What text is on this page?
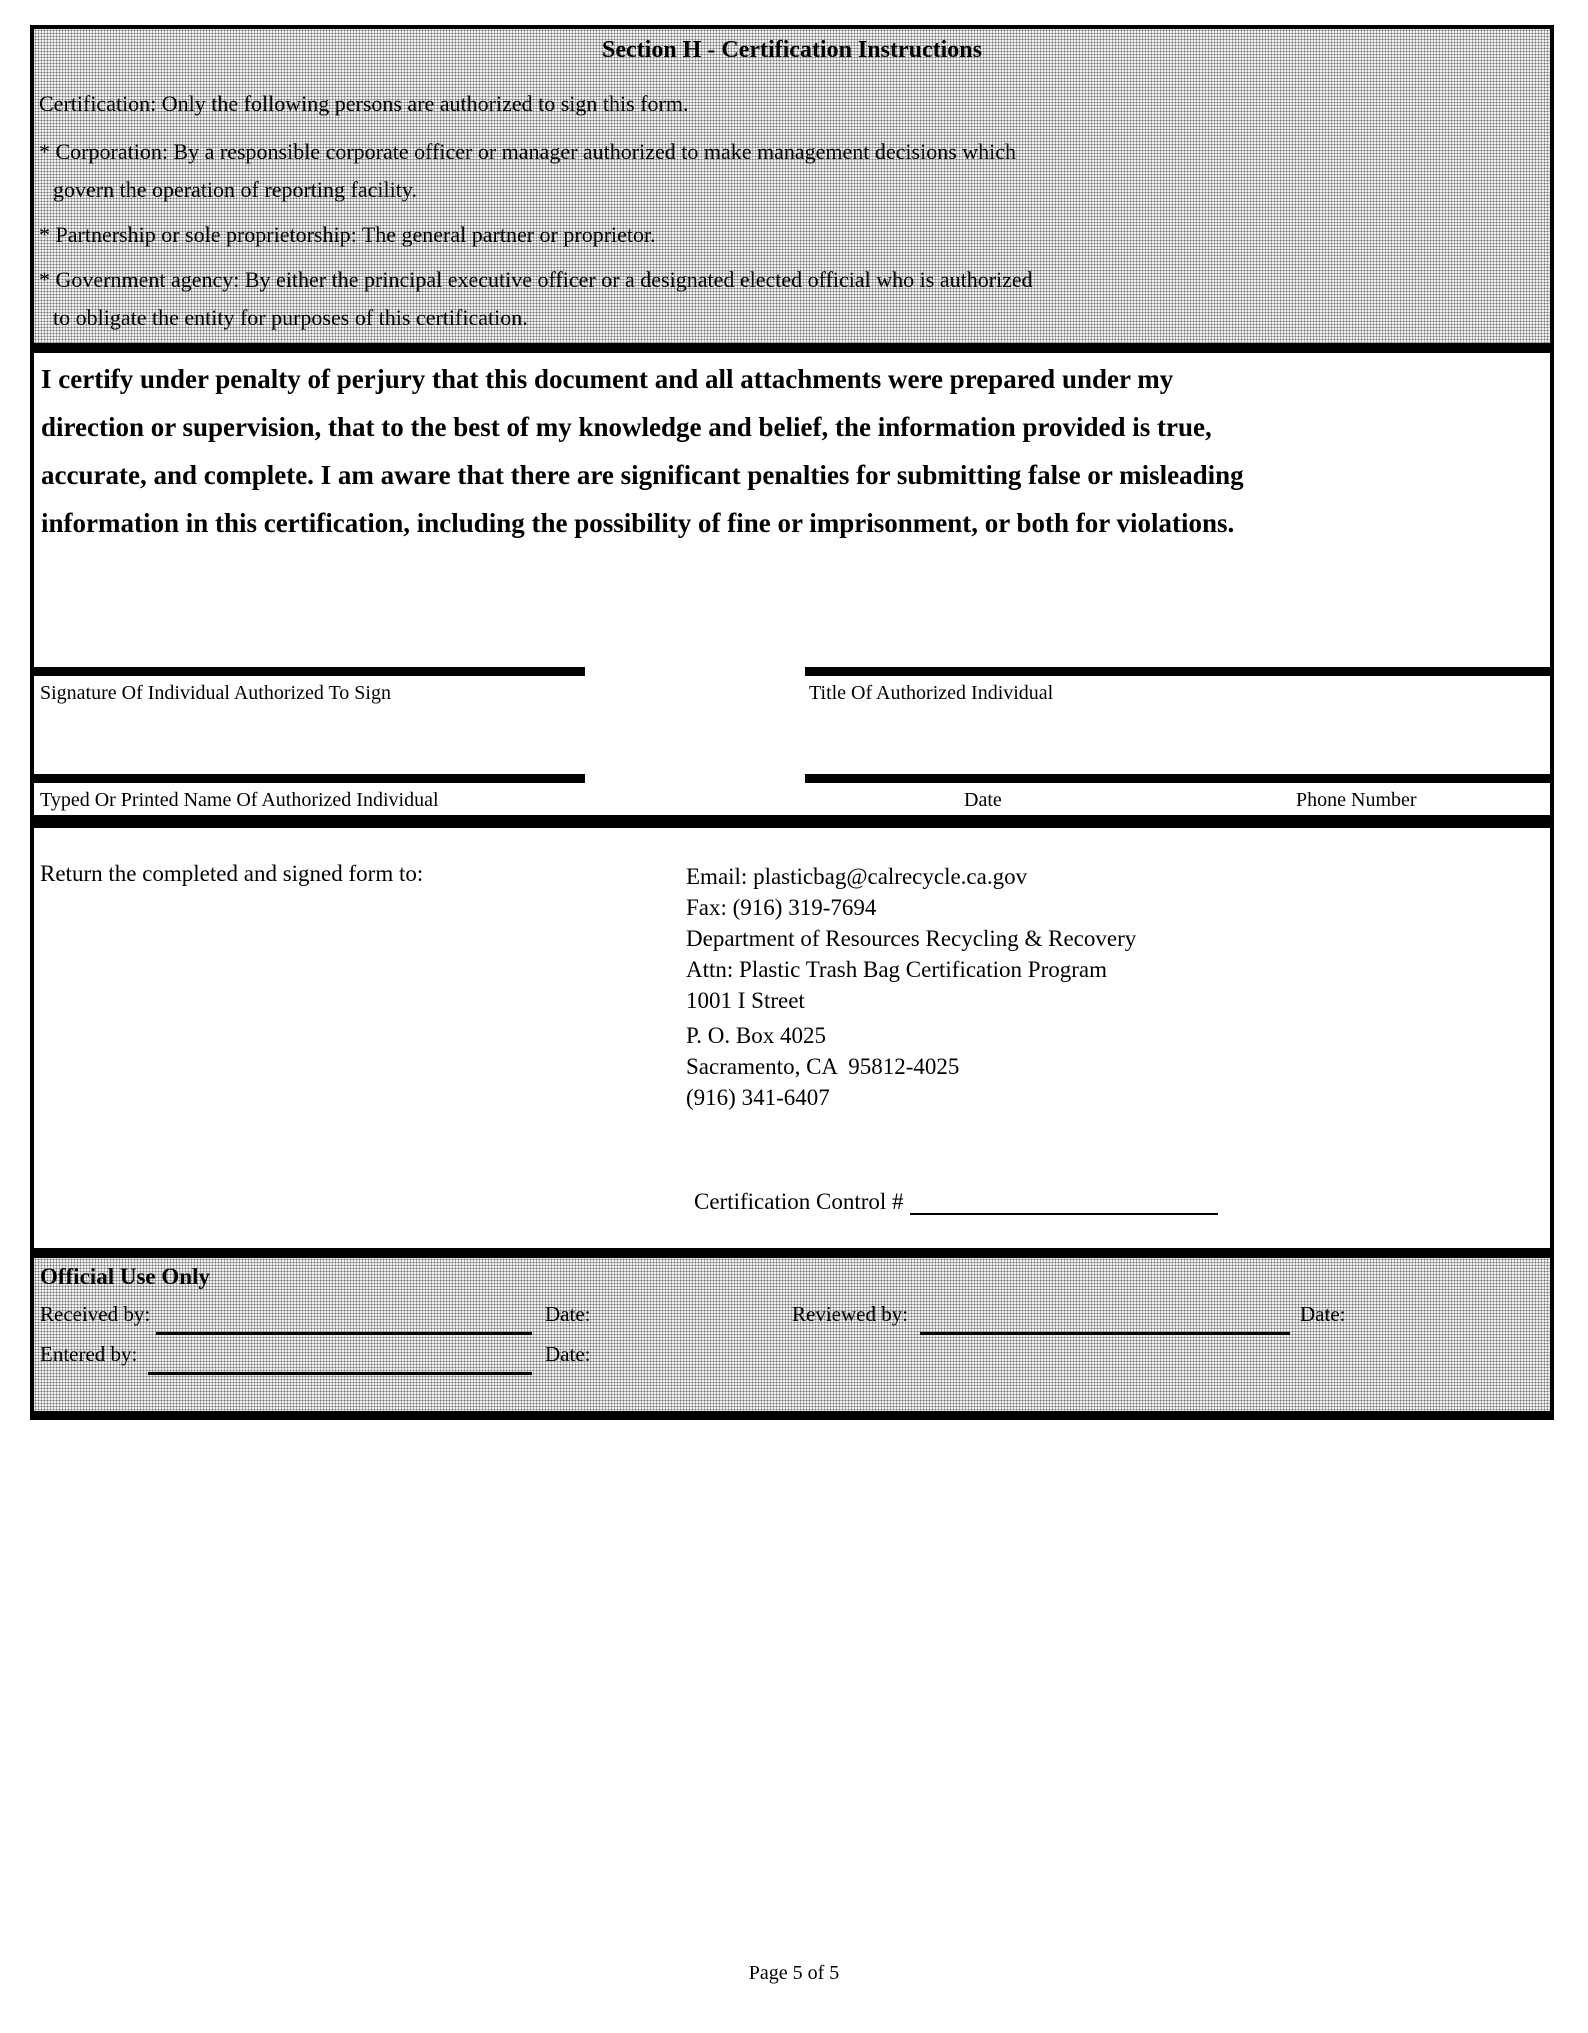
Section H - Certification Instructions
Certification: Only the following persons are authorized to sign this form.
* Corporation: By a responsible corporate officer or manager authorized to make management decisions which
govern the operation of reporting facility.
* Partnership or sole proprietorship: The general partner or proprietor.
* Government agency: By either the principal executive officer or a designated elected official who is authorized
to obligate the entity for purposes of this certification.
I certify under penalty of perjury that this document and all attachments were prepared under my
direction or supervision, that to the best of my knowledge and belief, the information provided is true,
accurate, and complete. I am aware that there are significant penalties for submitting false or misleading
information in this certification, including the possibility of fine or imprisonment, or both for violations.
Signature Of Individual Authorized To Sign	Title Of Authorized Individual
Typed Or Printed Name Of Authorized Individual	Date	Phone Number
Return the completed and signed form to:	Email: plasticbag@calrecycle.ca.gov
Fax: (916) 319-7694
Department of Resources Recycling & Recovery
Attn: Plastic Trash Bag Certification Program
1001 I Street
P. O. Box 4025
Sacramento, CA  95812-4025
(916) 341-6407
Certification Control #
Official Use Only
Received by:	Date:	Reviewed by:	Date:
Entered by:	Date:
Page 5 of 5
